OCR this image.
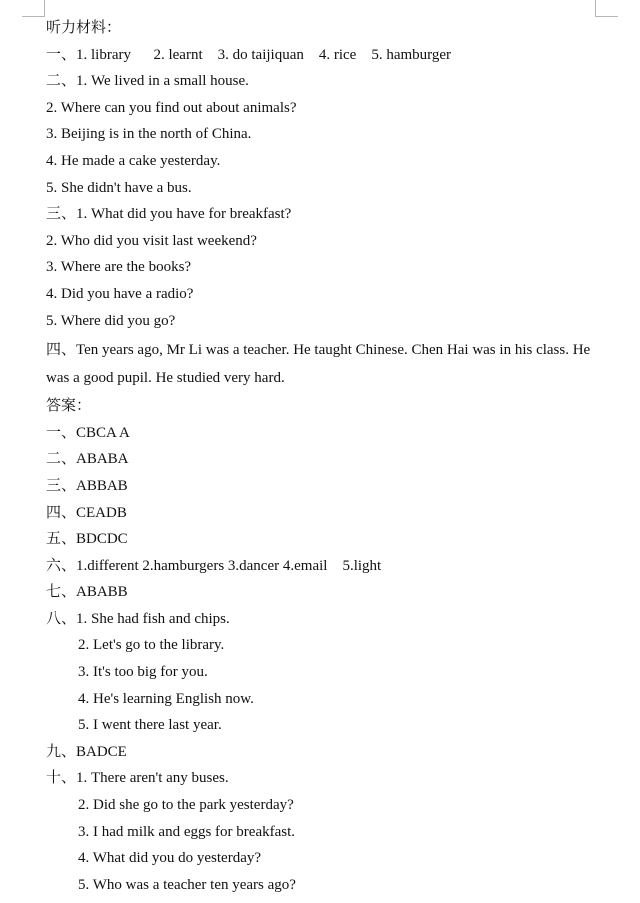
听力材料：
一、1. library      2. learnt    3. do taijiquan    4. rice    5. hamburger
二、1. We lived in a small house.
2. Where can you find out about animals?
3. Beijing is in the north of China.
4. He made a cake yesterday.
5. She didn't have a bus.
三、1. What did you have for breakfast?
2. Who did you visit last weekend?
3. Where are the books?
4. Did you have a radio?
5. Where did you go?
四、Ten years ago, Mr Li was a teacher. He taught Chinese. Chen Hai was in his class. He was a good pupil. He studied very hard.
答案：
一、CBCA A
二、ABABA
三、ABBAB
四、CEADB
五、BDCDC
六、1.different 2.hamburgers 3.dancer 4.email    5.light
七、ABABB
八、1. She had fish and chips.
2. Let's go to the library.
3. It's too big for you.
4. He's learning English now.
5. I went there last year.
九、BADCE
十、1. There aren't any buses.
2. Did she go to the park yesterday?
3. I had milk and eggs for breakfast.
4. What did you do yesterday?
5. Who was a teacher ten years ago?
